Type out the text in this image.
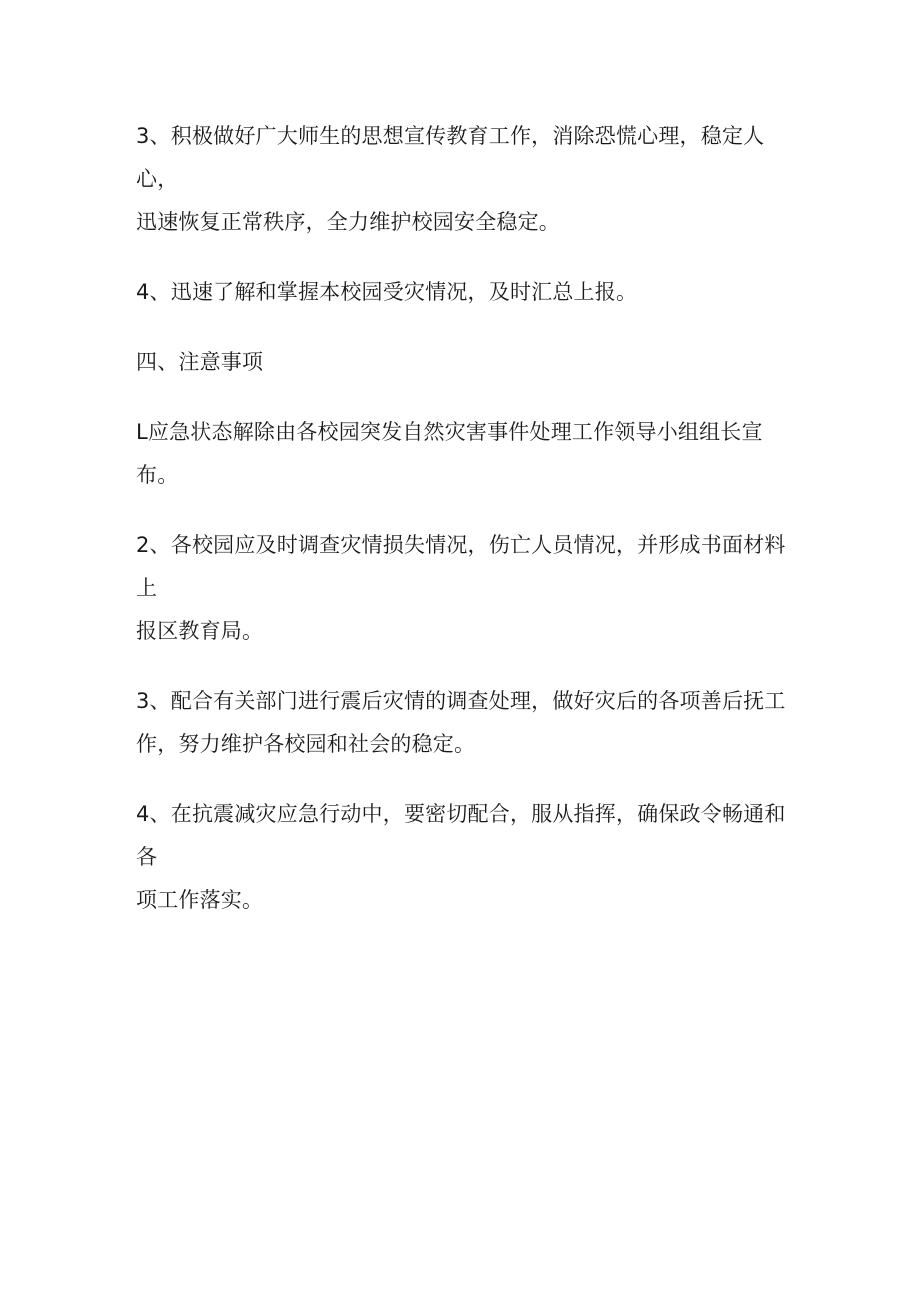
3、积极做好广大师生的思想宣传教育工作，消除恐慌心理，稳定人心，
迅速恢复正常秩序，全力维护校园安全稳定。

4、迅速了解和掌握本校园受灾情况，及时汇总上报。

四、注意事项

L应急状态解除由各校园突发自然灾害事件处理工作领导小组组长宣布。

2、各校园应及时调查灾情损失情况，伤亡人员情况，并形成书面材料上
报区教育局。

3、配合有关部门进行震后灾情的调查处理，做好灾后的各项善后抚工
作，努力维护各校园和社会的稳定。

4、在抗震减灾应急行动中，要密切配合，服从指挥，确保政令畅通和各
项工作落实。
